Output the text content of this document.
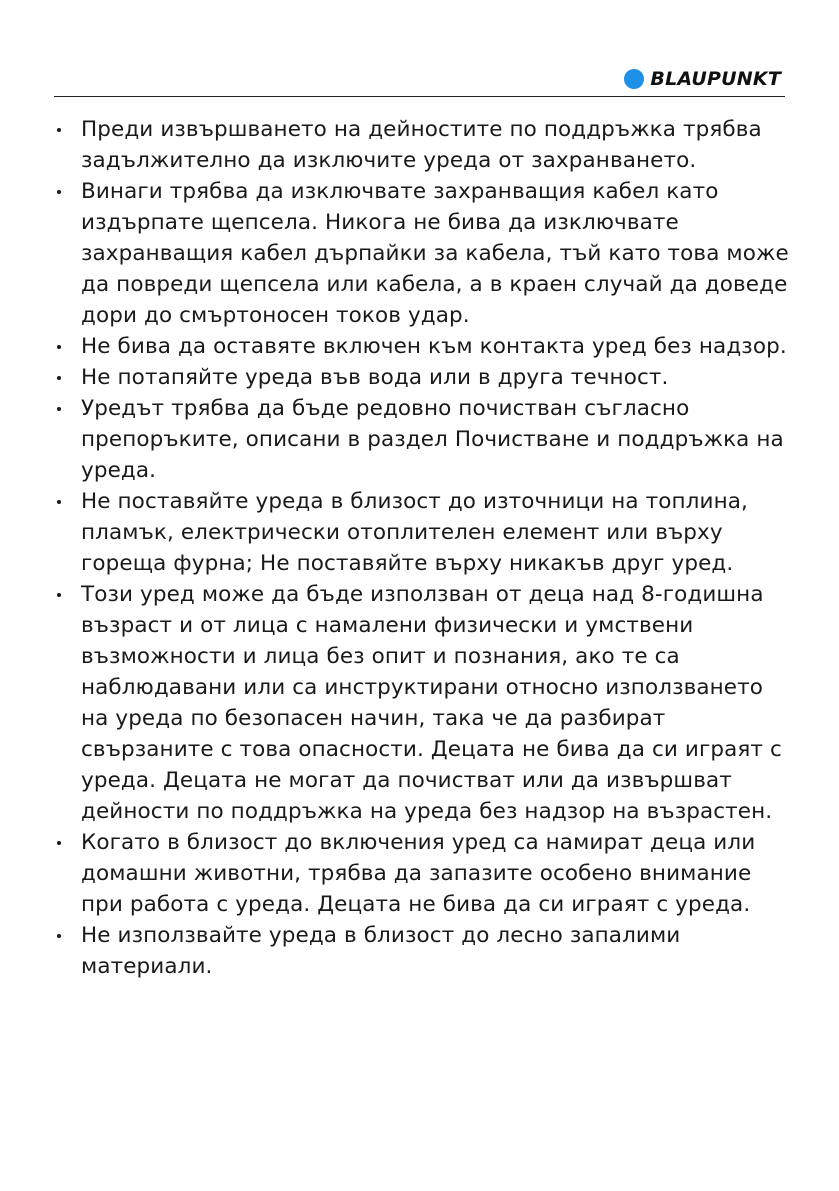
BLAUPUNKT
Преди извършването на дейностите по поддръжка трябва задължително да изключите уреда от захранването.
Винаги трябва да изключвате захранващия кабел като издърпате щепсела. Никога не бива да изключвате захранващия кабел дърпайки за кабела, тъй като това може да повреди щепсела или кабела, а в краен случай да доведе дори до смъртоносен токов удар.
Не бива да оставяте включен към контакта уред без надзор.
Не потапяйте уреда във вода или в друга течност.
Уредът трябва да бъде редовно почистван съгласно препоръките, описани в раздел Почистване и поддръжка на уреда.
Не поставяйте уреда в близост до източници на топлина, пламък, електрически отоплителен елемент или върху гореща фурна; Не поставяйте върху никакъв друг уред.
Този уред може да бъде използван от деца над 8-годишна възраст и от лица с намалени физически и умствени възможности и лица без опит и познания, ако те са наблюдавани или са инструктирани относно използването на уреда по безопасен начин, така че да разбират свързаните с това опасности. Децата не бива да си играят с уреда. Децата не могат да почистват или да извършват дейности по поддръжка на уреда без надзор на възрастен.
Когато в близост до включения уред са намират деца или домашни животни, трябва да запазите особено внимание при работа с уреда. Децата не бива да си играят с уреда.
Не използвайте уреда в близост до лесно запалими материали.
